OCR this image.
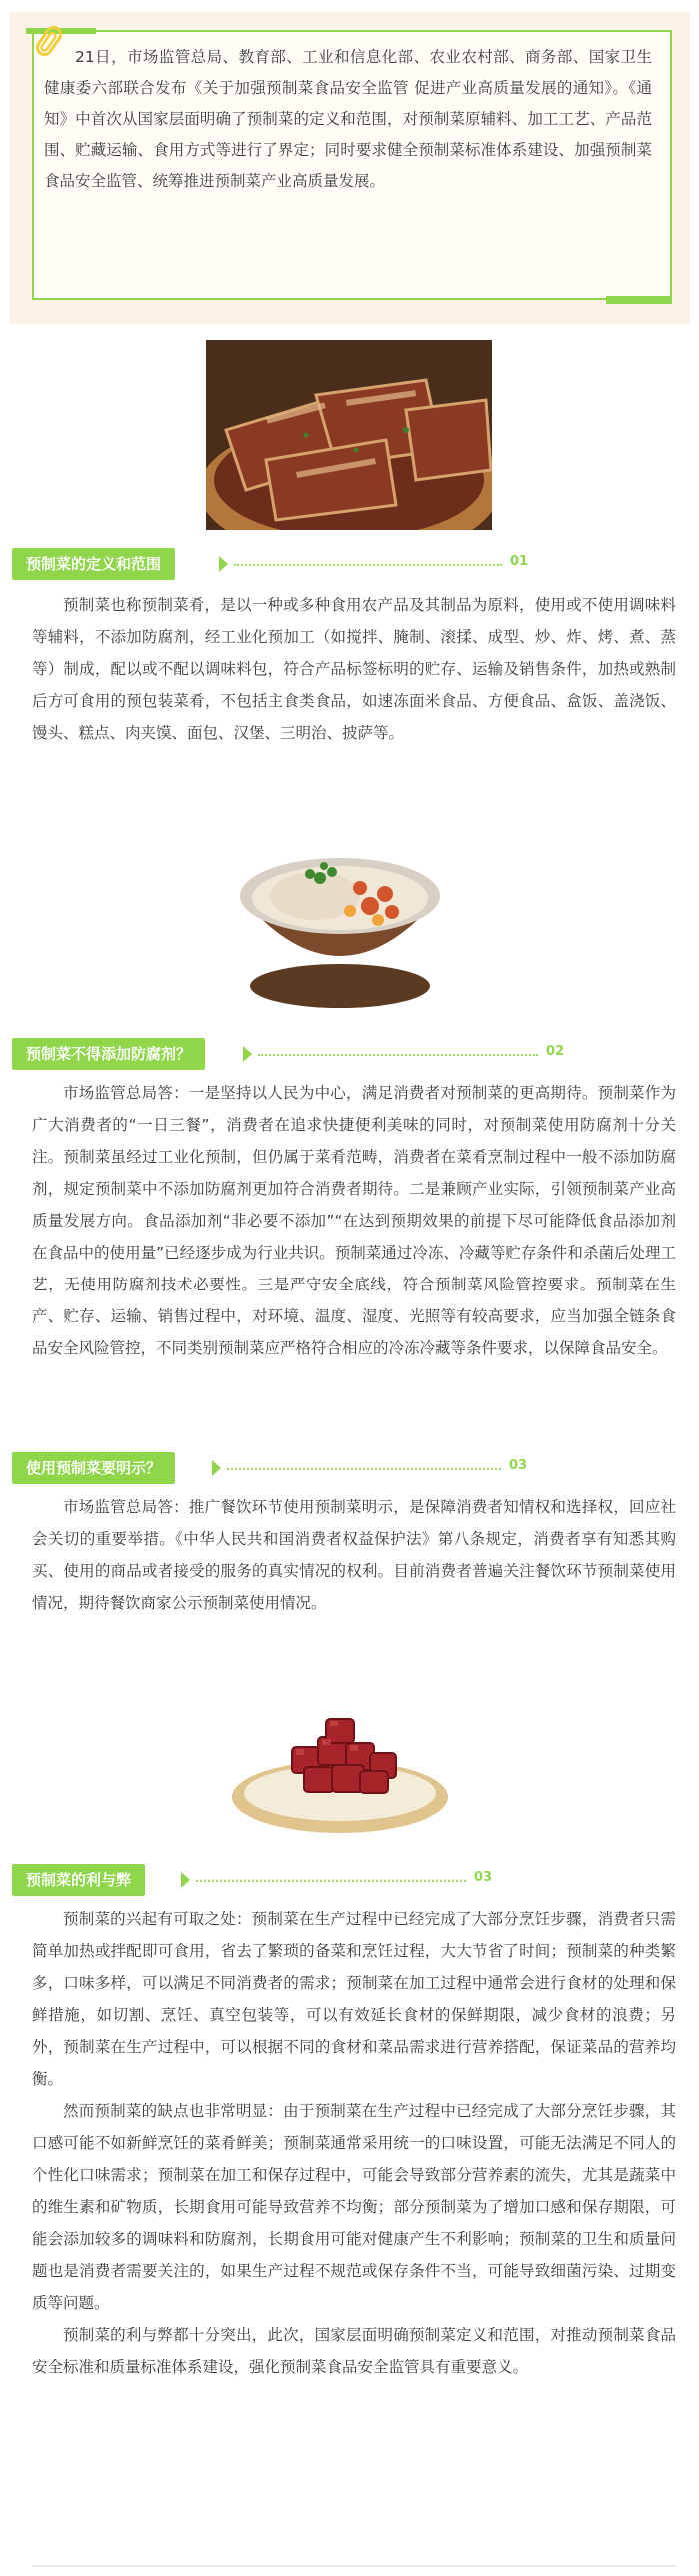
21日，市场监管总局、教育部、工业和信息化部、农业农村部、商务部、国家卫生健康委六部联合发布《关于加强预制菜食品安全监管 促进产业高质量发展的通知》。《通知》中首次从国家层面明确了预制菜的定义和范围，对预制菜原辅料、加工工艺、产品范围、贮藏运输、食用方式等进行了界定；同时要求健全预制菜标准体系建设、加强预制菜食品安全监管、统筹推进预制菜产业高质量发展。

预制菜的定义和范围	01

预制菜也称预制菜肴，是以一种或多种食用农产品及其制品为原料，使用或不使用调味料等辅料，不添加防腐剂，经工业化预加工（如搅拌、腌制、滚揉、成型、炒、炸、烤、煮、蒸等）制成，配以或不配以调味料包，符合产品标签标明的贮存、运输及销售条件，加热或熟制后方可食用的预包装菜肴，不包括主食类食品，如速冻面米食品、方便食品、盒饭、盖浇饭、馒头、糕点、肉夹馍、面包、汉堡、三明治、披萨等。

预制菜不得添加防腐剂？	02

市场监管总局答：一是坚持以人民为中心，满足消费者对预制菜的更高期待。预制菜作为广大消费者的“一日三餐”，消费者在追求快捷便利美味的同时，对预制菜使用防腐剂十分关注。预制菜虽经过工业化预制，但仍属于菜肴范畴，消费者在菜肴烹制过程中一般不添加防腐剂，规定预制菜中不添加防腐剂更加符合消费者期待。二是兼顾产业实际，引领预制菜产业高质量发展方向。食品添加剂“非必要不添加”“在达到预期效果的前提下尽可能降低食品添加剂在食品中的使用量”已经逐步成为行业共识。预制菜通过冷冻、冷藏等贮存条件和杀菌后处理工艺，无使用防腐剂技术必要性。三是严守安全底线，符合预制菜风险管控要求。预制菜在生产、贮存、运输、销售过程中，对环境、温度、湿度、光照等有较高要求，应当加强全链条食品安全风险管控，不同类别预制菜应严格符合相应的冷冻冷藏等条件要求，以保障食品安全。

使用预制菜要明示？	03

市场监管总局答：推广餐饮环节使用预制菜明示，是保障消费者知情权和选择权，回应社会关切的重要举措。《中华人民共和国消费者权益保护法》第八条规定，消费者享有知悉其购买、使用的商品或者接受的服务的真实情况的权利。目前消费者普遍关注餐饮环节预制菜使用情况，期待餐饮商家公示预制菜使用情况。

预制菜的利与弊	03

预制菜的兴起有可取之处：预制菜在生产过程中已经完成了大部分烹饪步骤，消费者只需简单加热或拌配即可食用，省去了繁琐的备菜和烹饪过程，大大节省了时间；预制菜的种类繁多，口味多样，可以满足不同消费者的需求；预制菜在加工过程中通常会进行食材的处理和保鲜措施，如切割、烹饪、真空包装等，可以有效延长食材的保鲜期限，减少食材的浪费；另外，预制菜在生产过程中，可以根据不同的食材和菜品需求进行营养搭配，保证菜品的营养均衡。

然而预制菜的缺点也非常明显：由于预制菜在生产过程中已经完成了大部分烹饪步骤，其口感可能不如新鲜烹饪的菜肴鲜美；预制菜通常采用统一的口味设置，可能无法满足不同人的个性化口味需求；预制菜在加工和保存过程中，可能会导致部分营养素的流失，尤其是蔬菜中的维生素和矿物质，长期食用可能导致营养不均衡；部分预制菜为了增加口感和保存期限，可能会添加较多的调味料和防腐剂，长期食用可能对健康产生不利影响；预制菜的卫生和质量问题也是消费者需要关注的，如果生产过程不规范或保存条件不当，可能导致细菌污染、过期变质等问题。

预制菜的利与弊都十分突出，此次，国家层面明确预制菜定义和范围，对推动预制菜食品安全标准和质量标准体系建设，强化预制菜食品安全监管具有重要意义。
